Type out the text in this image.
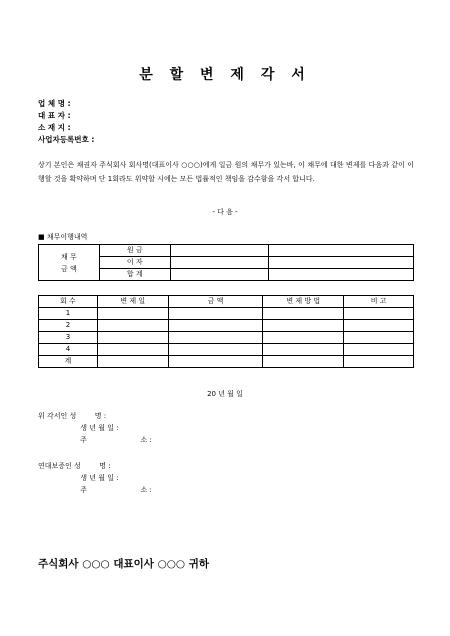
분 할 변 제 각 서
업 체 명 :
대 표 자 :
소 재 지 :
사업자등록번호 :
상기 본인은 채권자 주식회사 회사명(대표이사 ○○○)에게 일금 원의 채무가 있는바, 이 채무에 대한 변제를 다음과 같이 이행할 것을 확약하며 단 1회라도 위약할 시에는 모든 법률적인 책임을 감수함을 각서 합니다.
- 다 음 -
■ 채무이행내역
채 무
금 액	원 금		
	이 자		
	합 계		
회 수	변 제 일	금 액	변 제 방 법	비 고
1				
2				
3				
4				
계				
20 년 월 일
위 각서인 성	명 :
생 년 월 일 :
주	소 :
연대보증인 성	명 :
생 년 월 일 :
주	소 :
주식회사 ○○○ 대표이사 ○○○ 귀하
